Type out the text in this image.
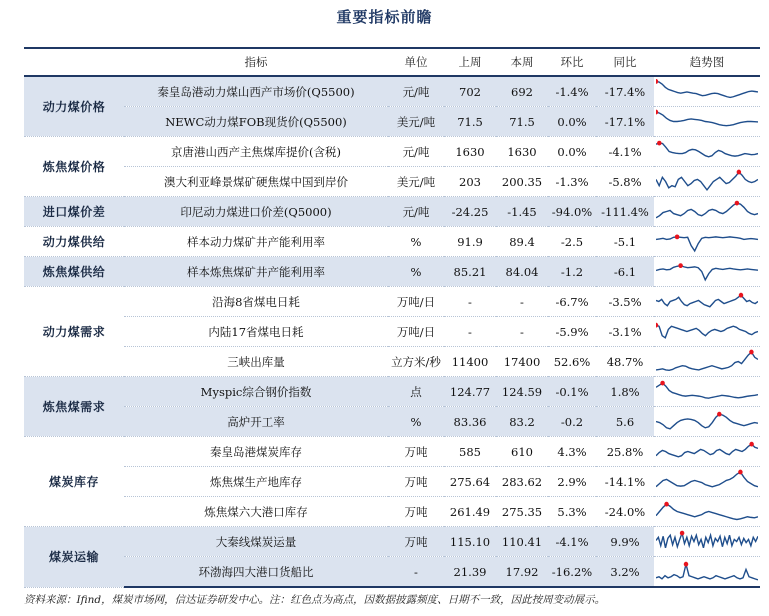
重要指标前瞻
	指标	单位	上周	本周	环比	同比	趋势图
动力煤价格	秦皇岛港动力煤山西产市场价(Q5500)	元/吨	702	692	-1.4%	-17.4%	

	NEWC动力煤FOB现货价(Q5500)	美元/吨	71.5	71.5	0.0%	-17.1%	

炼焦煤价格	京唐港山西产主焦煤库提价(含税)	元/吨	1630	1630	0.0%	-4.1%	

	澳大利亚峰景煤矿硬焦煤中国到岸价	美元/吨	203	200.35	-1.3%	-5.8%	

进口煤价差	印尼动力煤进口价差(Q5000)	元/吨	-24.25	-1.45	-94.0%	-111.4%	

动力煤供给	样本动力煤矿井产能利用率	%	91.9	89.4	-2.5	-5.1	

炼焦煤供给	样本炼焦煤矿井产能利用率	%	85.21	84.04	-1.2	-6.1	

动力煤需求	沿海8省煤电日耗	万吨/日	-	-	-6.7%	-3.5%	

	内陆17省煤电日耗	万吨/日	-	-	-5.9%	-3.1%	

	三峡出库量	立方米/秒	11400	17400	52.6%	48.7%	

炼焦煤需求	Myspic综合钢价指数	点	124.77	124.59	-0.1%	1.8%	

	高炉开工率	%	83.36	83.2	-0.2	5.6	

煤炭库存	秦皇岛港煤炭库存	万吨	585	610	4.3%	25.8%	

	炼焦煤生产地库存	万吨	275.64	283.62	2.9%	-14.1%	

	炼焦煤六大港口库存	万吨	261.49	275.35	5.3%	-24.0%	

煤炭运输	大秦线煤炭运量	万吨	115.10	110.41	-4.1%	9.9%	

	环渤海四大港口货船比	-	21.39	17.92	-16.2%	3.2%	
资料来源：Ifind，煤炭市场网，信达证券研发中心。注：红色点为高点，因数据披露频度、日期不一致，因此按周变动展示。
